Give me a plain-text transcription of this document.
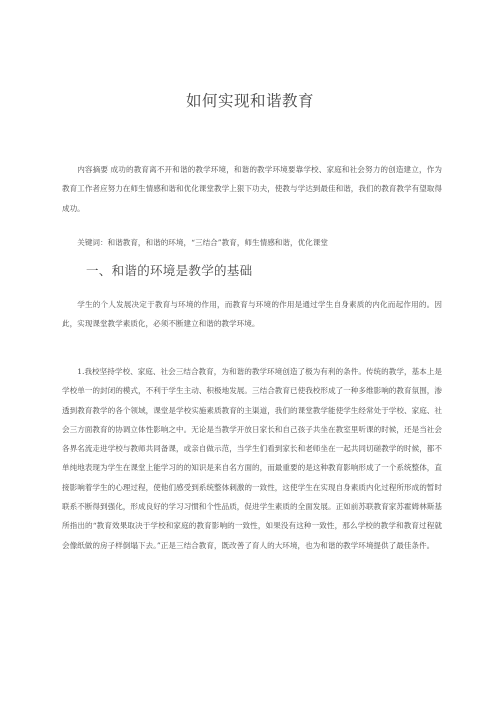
如何实现和谐教育

内容摘要 成功的教育离不开和谐的教学环境，和谐的教学环境要靠学校、家庭和社会努力的创造建立，作为教育工作者应努力在师生情感和谐和优化课堂教学上狠下功夫，使教与学达到最佳和谐，我们的教育教学有望取得成功。

关键词：和谐教育，和谐的环境，“三结合”教育，师生情感和谐，优化课堂

一、和谐的环境是教学的基础

学生的个人发展决定于教育与环境的作用，而教育与环境的作用是通过学生自身素质的内化而起作用的。因此，实现课堂教学素质化，必须不断建立和谐的教学环境。

1.我校坚持学校、家庭、社会三结合教育，为和谐的教学环境创造了极为有利的条件。传统的教学，基本上是学校单一的封闭的模式，不利于学生主动、积极地发展。三结合教育已使我校形成了一种多维影响的教育氛围，渗透到教育教学的各个领域，课堂是学校实施素质教育的主渠道，我们的课堂教学能使学生经常处于学校、家庭、社会三方面教育的协调立体性影响之中。无论是当教学开放日家长和自己孩子共坐在教室里听课的时候，还是当社会各界名流走进学校与教师共同备课，或亲自做示范，当学生们看到家长和老师坐在一起共同切磋教学的时候，都不单纯地表现为学生在课堂上能学习的的知识是来自名方面的，而最重要的是这种教育影响形成了一个系统整体，直接影响着学生的心理过程，使他们感受到系统整体刺激的一致性，这使学生在实现自身素质内化过程所形成的暂时联系不断得到强化，形成良好的学习习惯和个性品质，促进学生素质的全面发展。正如前苏联教育家苏霍姆林斯基所指出的“教育效果取决于学校和家庭的教育影响的一致性，如果没有这种一致性，那么学校的教学和教育过程就会像纸做的房子样倒塌下去。”正是三结合教育，既改善了育人的大环境，也为和谐的教学环境提供了最佳条件。
